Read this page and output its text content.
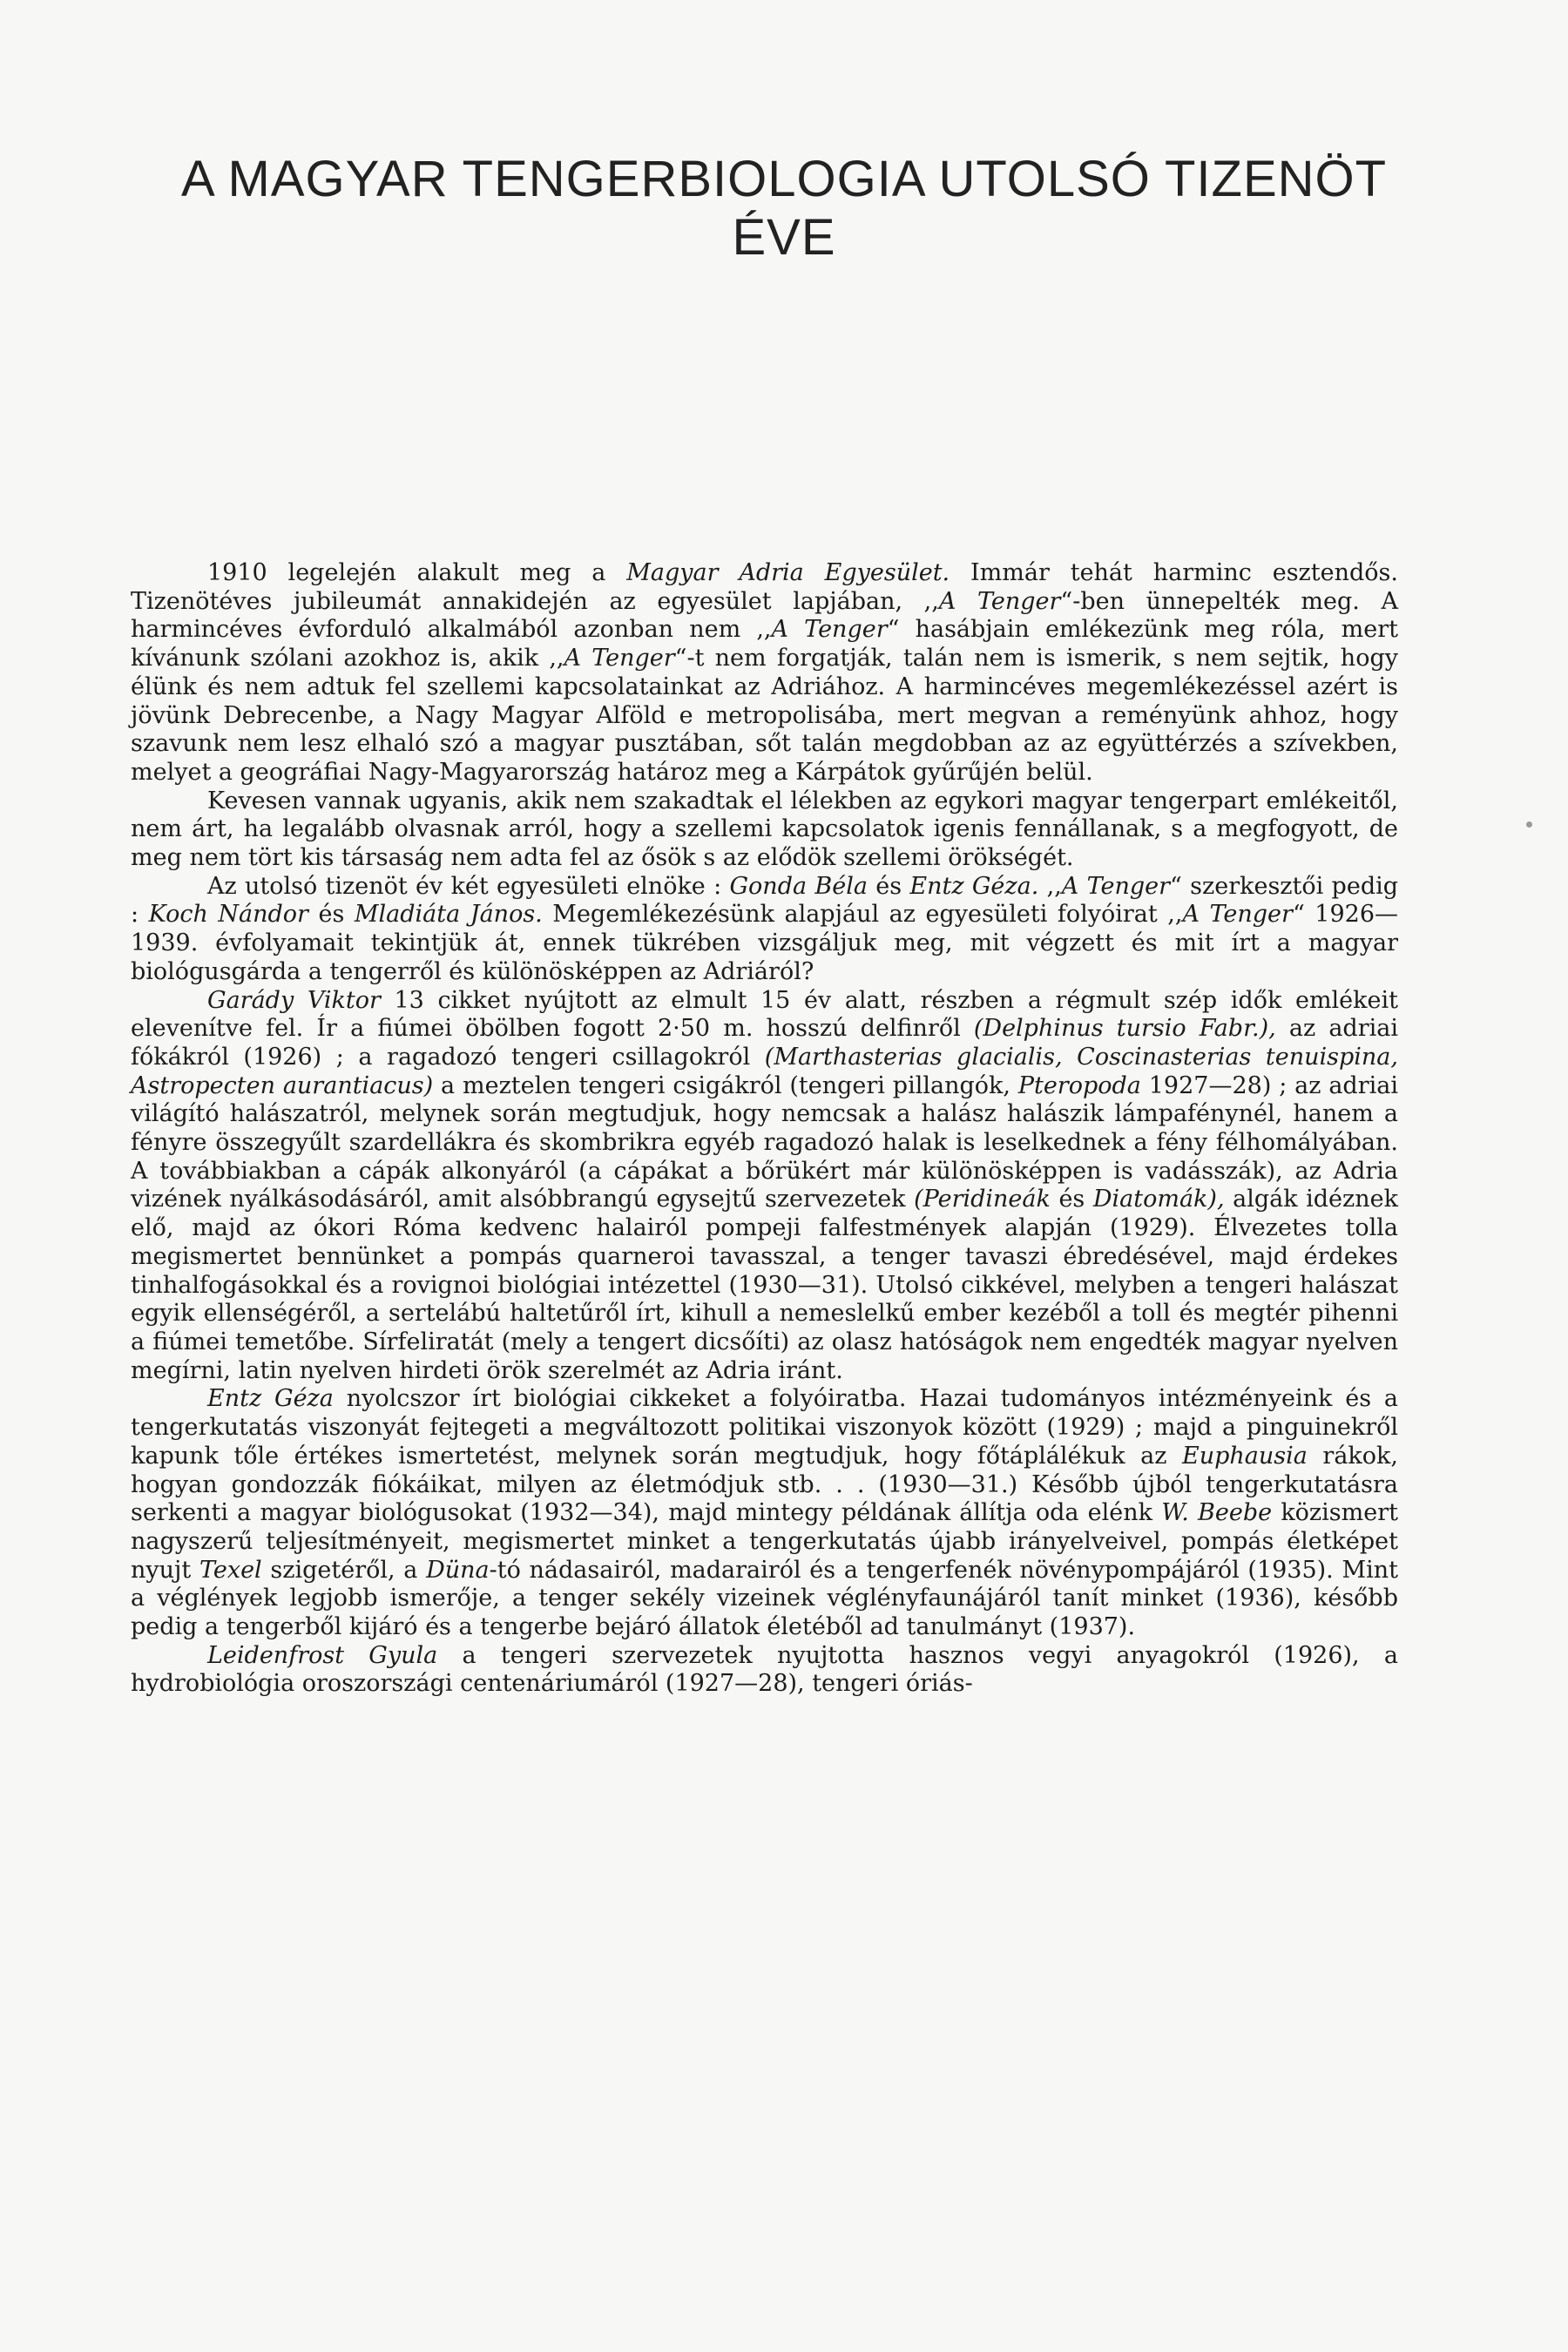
A MAGYAR TENGERBIOLOGIA UTOLSÓ TIZENÖT ÉVE

1910 legelején alakult meg a Magyar Adria Egyesület. Immár tehát harminc esztendős. Tizenötéves jubileumát annakidején az egyesület lapjában, ,,A Tenger“-ben ünnepelték meg. A harmincéves évforduló alkalmából azonban nem ,,A Tenger“ hasábjain emlékezünk meg róla, mert kívánunk szólani azokhoz is, akik ,,A Tenger“-t nem forgatják, talán nem is ismerik, s nem sejtik, hogy élünk és nem adtuk fel szellemi kapcsolatainkat az Adriához. A harmincéves megemlékezéssel azért is jövünk Debrecenbe, a Nagy Magyar Alföld e metropolisába, mert megvan a reményünk ahhoz, hogy szavunk nem lesz elhaló szó a magyar pusztában, sőt talán megdobban az az együttérzés a szívekben, melyet a geográfiai Nagy-Magyarország határoz meg a Kárpátok gyűrűjén belül.

Kevesen vannak ugyanis, akik nem szakadtak el lélekben az egykori magyar tengerpart emlékeitől, nem árt, ha legalább olvasnak arról, hogy a szellemi kapcsolatok igenis fennállanak, s a megfogyott, de meg nem tört kis társaság nem adta fel az ősök s az elődök szellemi örökségét.

Az utolsó tizenöt év két egyesületi elnöke : Gonda Béla és Entz Géza. ,,A Tenger“ szerkesztői pedig : Koch Nándor és Mladiáta János. Megemlékezésünk alapjául az egyesületi folyóirat ,,A Tenger“ 1926—1939. évfolyamait tekintjük át, ennek tükrében vizsgáljuk meg, mit végzett és mit írt a magyar biológusgárda a tengerről és különösképpen az Adriáról?

Garády Viktor 13 cikket nyújtott az elmult 15 év alatt, részben a régmult szép idők emlékeit elevenítve fel. Ír a fiúmei öbölben fogott 2·50 m. hosszú delfinről (Delphinus tursio Fabr.), az adriai fókákról (1926) ; a ragadozó tengeri csillagokról (Marthasterias glacialis, Coscinasterias tenuispina, Astropecten aurantiacus) a meztelen tengeri csigákról (tengeri pillangók, Pteropoda 1927—28) ; az adriai világító halászatról, melynek során megtudjuk, hogy nemcsak a halász halászik lámpafénynél, hanem a fényre összegyűlt szardellákra és skombrikra egyéb ragadozó halak is leselkednek a fény félhomályában. A továbbiakban a cápák alkonyáról (a cápákat a bőrükért már különösképpen is vadásszák), az Adria vizének nyálkásodásáról, amit alsóbbrangú egysejtű szervezetek (Peridineák és Diatomák), algák idéznek elő, majd az ókori Róma kedvenc halairól pompeji falfestmények alapján (1929). Élvezetes tolla megismertet bennünket a pompás quarneroi tavasszal, a tenger tavaszi ébredésével, majd érdekes tinhalfogásokkal és a rovignoi biológiai intézettel (1930—31). Utolsó cikkével, melyben a tengeri halászat egyik ellenségéről, a sertelábú haltetűről írt, kihull a nemeslelkű ember kezéből a toll és megtér pihenni a fiúmei temetőbe. Sírfeliratát (mely a tengert dicsőíti) az olasz hatóságok nem engedték magyar nyelven megírni, latin nyelven hirdeti örök szerelmét az Adria iránt.

Entz Géza nyolcszor írt biológiai cikkeket a folyóiratba. Hazai tudományos intézményeink és a tengerkutatás viszonyát fejtegeti a megváltozott politikai viszonyok között (1929) ; majd a pinguinekről kapunk tőle értékes ismertetést, melynek során megtudjuk, hogy főtáplálékuk az Euphausia rákok, hogyan gondozzák fiókáikat, milyen az életmódjuk stb. . . (1930—31.) Később újból tengerkutatásra serkenti a magyar biológusokat (1932—34), majd mintegy példának állítja oda elénk W. Beebe közismert nagyszerű teljesítményeit, megismertet minket a tengerkutatás újabb irányelveivel, pompás életképet nyujt Texel szigetéről, a Düna-tó nádasairól, madarairól és a tengerfenék növénypompájáról (1935). Mint a véglények legjobb ismerője, a tenger sekély vizeinek véglényfaunájáról tanít minket (1936), később pedig a tengerből kijáró és a tengerbe bejáró állatok életéből ad tanulmányt (1937).

Leidenfrost Gyula a tengeri szervezetek nyujtotta hasznos vegyi anyagokról (1926), a hydrobiológia oroszországi centenáriumáról (1927—28), tengeri óriás-
